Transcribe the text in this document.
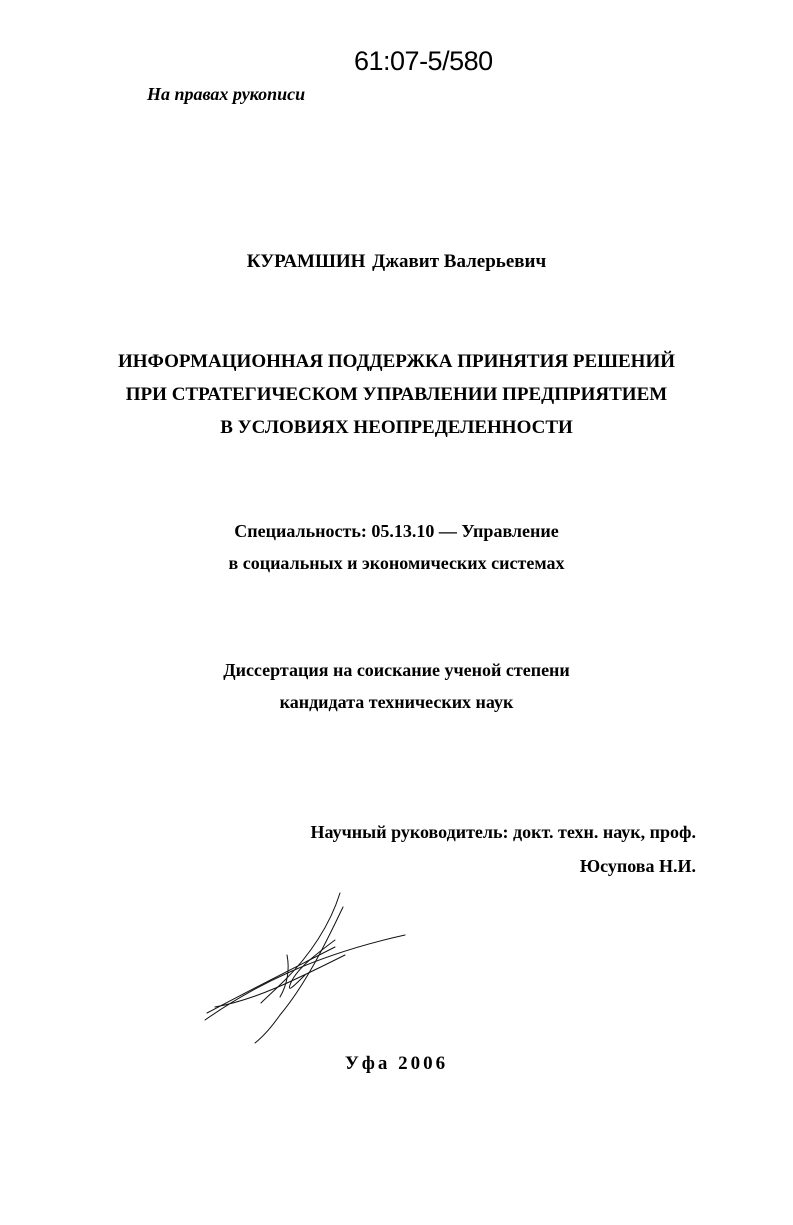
61:07-5/580
На правах рукописи
КУРАМШИН Джавит Валерьевич
ИНФОРМАЦИОННАЯ ПОДДЕРЖКА ПРИНЯТИЯ РЕШЕНИЙ
ПРИ СТРАТЕГИЧЕСКОМ УПРАВЛЕНИИ ПРЕДПРИЯТИЕМ
В УСЛОВИЯХ НЕОПРЕДЕЛЕННОСТИ
Специальность: 05.13.10 — Управление
в социальных и экономических системах
Диссертация на соискание ученой степени
кандидата технических наук
Научный руководитель: докт. техн. наук, проф.
Юсупова Н.И.
Уфа 2006
